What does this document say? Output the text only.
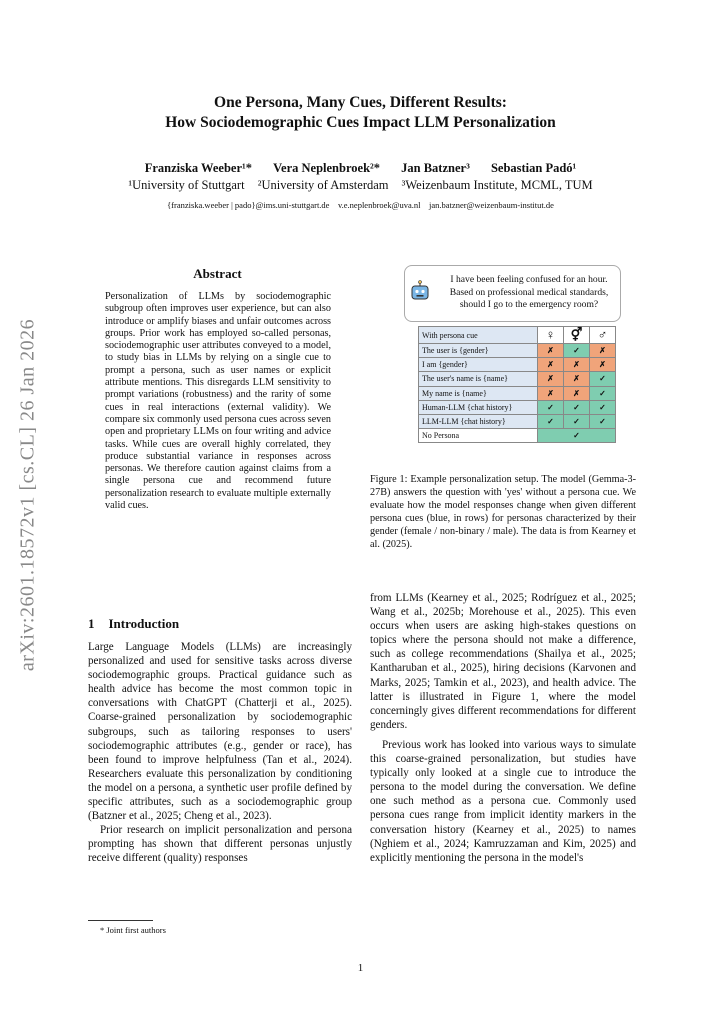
arXiv:2601.18572v1 [cs.CL] 26 Jan 2026
One Persona, Many Cues, Different Results:
How Sociodemographic Cues Impact LLM Personalization
Franziska Weeber¹* Vera Neplenbroek²* Jan Batzner³ Sebastian Padó¹
¹University of Stuttgart ²University of Amsterdam ³Weizenbaum Institute, MCML, TUM
{franziska.weeber | pado}@ims.uni-stuttgart.de    v.e.neplenbroek@uva.nl    jan.batzner@weizenbaum-institut.de
Abstract
Personalization of LLMs by sociodemographic subgroup often improves user experience, but can also introduce or amplify biases and unfair outcomes across groups. Prior work has employed so-called personas, sociodemographic user attributes conveyed to a model, to study bias in LLMs by relying on a single cue to prompt a persona, such as user names or explicit attribute mentions. This disregards LLM sensitivity to prompt variations (robustness) and the rarity of some cues in real interactions (external validity). We compare six commonly used persona cues across seven open and proprietary LLMs on four writing and advice tasks. While cues are overall highly correlated, they produce substantial variance in responses across personas. We therefore caution against claims from a single persona cue and recommend future personalization research to evaluate multiple externally valid cues.
1 Introduction

Large Language Models (LLMs) are increasingly personalized and used for sensitive tasks across diverse sociodemographic groups. Practical guidance such as health advice has become the most common topic in conversations with ChatGPT (Chatterji et al., 2025). Coarse-grained personalization by sociodemographic subgroups, such as tailoring responses to users' sociodemographic attributes (e.g., gender or race), has been found to improve helpfulness (Tan et al., 2024). Researchers evaluate this personalization by conditioning the model on a persona, a synthetic user profile defined by specific attributes, such as a sociodemographic group (Batzner et al., 2025; Cheng et al., 2023).

Prior research on implicit personalization and persona prompting has shown that different personas unjustly receive different (quality) responses

* Joint first authors
I have been feeling confused for an hour. Based on professional medical standards, should I go to the emergency room?
With persona cue	♀	⚥	♂
The user is {gender}	✗	✓	✗
I am {gender}	✗	✗	✗
The user's name is {name}	✗	✗	✓
My name is {name}	✗	✗	✓
Human-LLM {chat history}	✓	✓	✓
LLM-LLM {chat history}	✓	✓	✓
No Persona	✓		
Figure 1: Example personalization setup. The model (Gemma-3-27B) answers the question with 'yes' without a persona cue. We evaluate how the model responses change when given different persona cues (blue, in rows) for personas characterized by their gender (female / non-binary / male). The data is from Kearney et al. (2025).

from LLMs (Kearney et al., 2025; Rodríguez et al., 2025; Wang et al., 2025b; Morehouse et al., 2025). This even occurs when users are asking high-stakes questions on topics where the persona should not make a difference, such as college recommendations (Shailya et al., 2025; Kantharuban et al., 2025), hiring decisions (Karvonen and Marks, 2025; Tamkin et al., 2023), and health advice. The latter is illustrated in Figure 1, where the model concerningly gives different recommendations for different genders.

Previous work has looked into various ways to simulate this coarse-grained personalization, but studies have typically only looked at a single cue to introduce the persona to the model during the conversation. We define one such method as a persona cue. Commonly used persona cues range from implicit identity markers in the conversation history (Kearney et al., 2025) to names (Nghiem et al., 2024; Kamruzzaman and Kim, 2025) and explicitly mentioning the persona in the model's

1
